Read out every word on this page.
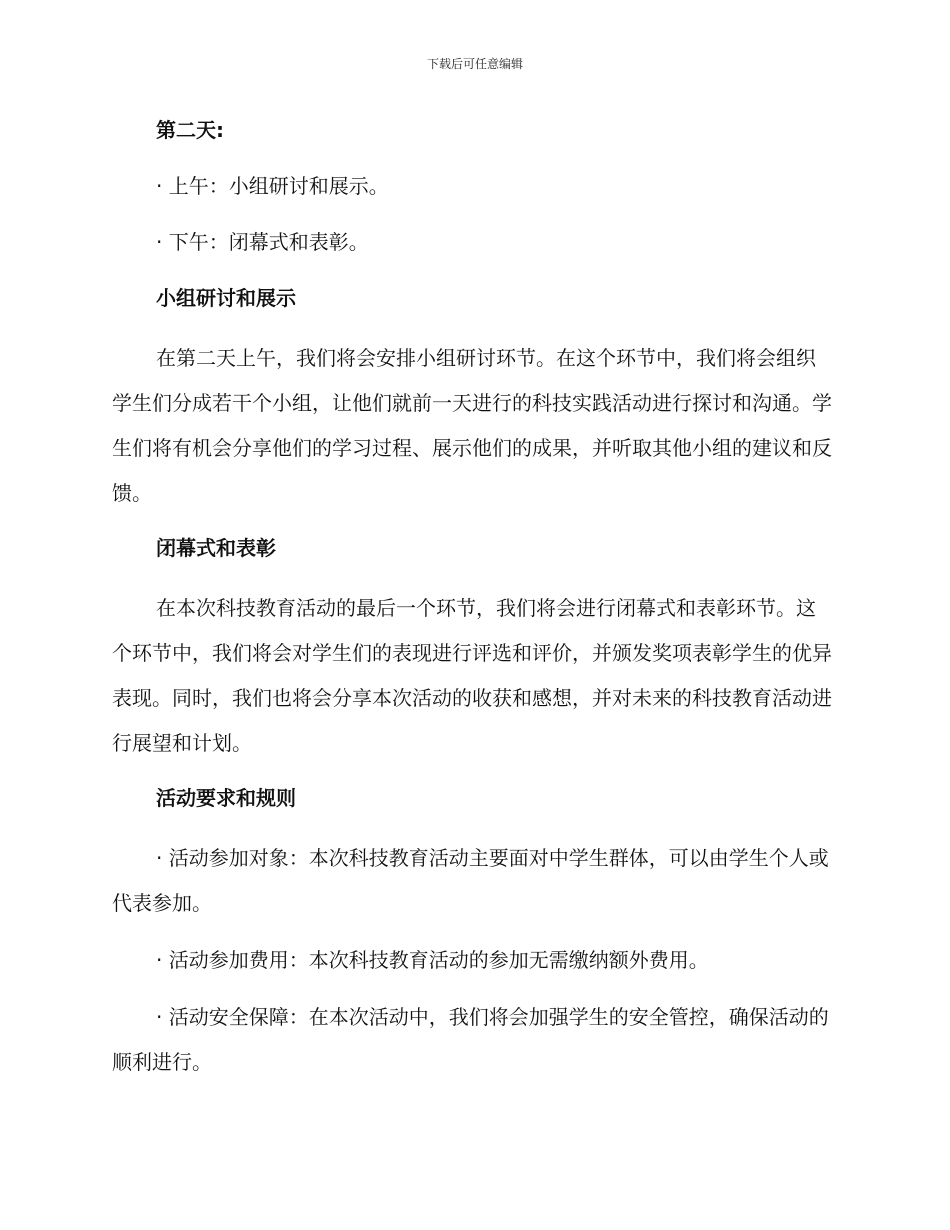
下载后可任意编辑
第二天:
· 上午：小组研讨和展示。
· 下午：闭幕式和表彰。
小组研讨和展示

在第二天上午，我们将会安排小组研讨环节。在这个环节中，我们将会组织学生们分成若干个小组，让他们就前一天进行的科技实践活动进行探讨和沟通。学生们将有机会分享他们的学习过程、展示他们的成果，并听取其他小组的建议和反馈。

闭幕式和表彰

在本次科技教育活动的最后一个环节，我们将会进行闭幕式和表彰环节。这个环节中，我们将会对学生们的表现进行评选和评价，并颁发奖项表彰学生的优异表现。同时，我们也将会分享本次活动的收获和感想，并对未来的科技教育活动进行展望和计划。

活动要求和规则

· 活动参加对象：本次科技教育活动主要面对中学生群体，可以由学生个人或代表参加。

· 活动参加费用：本次科技教育活动的参加无需缴纳额外费用。

· 活动安全保障：在本次活动中，我们将会加强学生的安全管控，确保活动的顺利进行。
